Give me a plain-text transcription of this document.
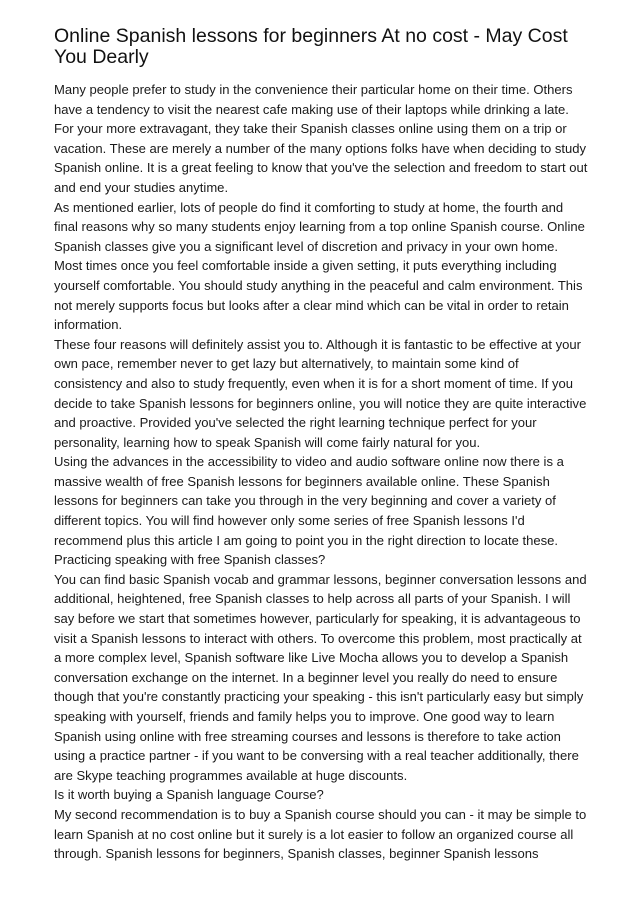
Online Spanish lessons for beginners At no cost - May Cost You Dearly

Many people prefer to study in the convenience their particular home on their time. Others have a tendency to visit the nearest cafe making use of their laptops while drinking a late. For your more extravagant, they take their Spanish classes online using them on a trip or vacation. These are merely a number of the many options folks have when deciding to study Spanish online. It is a great feeling to know that you've the selection and freedom to start out and end your studies anytime.

As mentioned earlier, lots of people do find it comforting to study at home, the fourth and final reasons why so many students enjoy learning from a top online Spanish course. Online Spanish classes give you a significant level of discretion and privacy in your own home. Most times once you feel comfortable inside a given setting, it puts everything including yourself comfortable. You should study anything in the peaceful and calm environment. This not merely supports focus but looks after a clear mind which can be vital in order to retain information.

These four reasons will definitely assist you to. Although it is fantastic to be effective at your own pace, remember never to get lazy but alternatively, to maintain some kind of consistency and also to study frequently, even when it is for a short moment of time. If you decide to take Spanish lessons for beginners online, you will notice they are quite interactive and proactive. Provided you've selected the right learning technique perfect for your personality, learning how to speak Spanish will come fairly natural for you.

Using the advances in the accessibility to video and audio software online now there is a massive wealth of free Spanish lessons for beginners available online. These Spanish lessons for beginners can take you through in the very beginning and cover a variety of different topics. You will find however only some series of free Spanish lessons I'd recommend plus this article I am going to point you in the right direction to locate these.

Practicing speaking with free Spanish classes?

You can find basic Spanish vocab and grammar lessons, beginner conversation lessons and additional, heightened, free Spanish classes to help across all parts of your Spanish. I will say before we start that sometimes however, particularly for speaking, it is advantageous to visit a Spanish lessons to interact with others. To overcome this problem, most practically at a more complex level, Spanish software like Live Mocha allows you to develop a Spanish conversation exchange on the internet. In a beginner level you really do need to ensure though that you're constantly practicing your speaking - this isn't particularly easy but simply speaking with yourself, friends and family helps you to improve. One good way to learn Spanish using online with free streaming courses and lessons is therefore to take action using a practice partner - if you want to be conversing with a real teacher additionally, there are Skype teaching programmes available at huge discounts.

Is it worth buying a Spanish language Course?

My second recommendation is to buy a Spanish course should you can - it may be simple to learn Spanish at no cost online but it surely is a lot easier to follow an organized course all through. Spanish lessons for beginners, Spanish classes, beginner Spanish lessons
